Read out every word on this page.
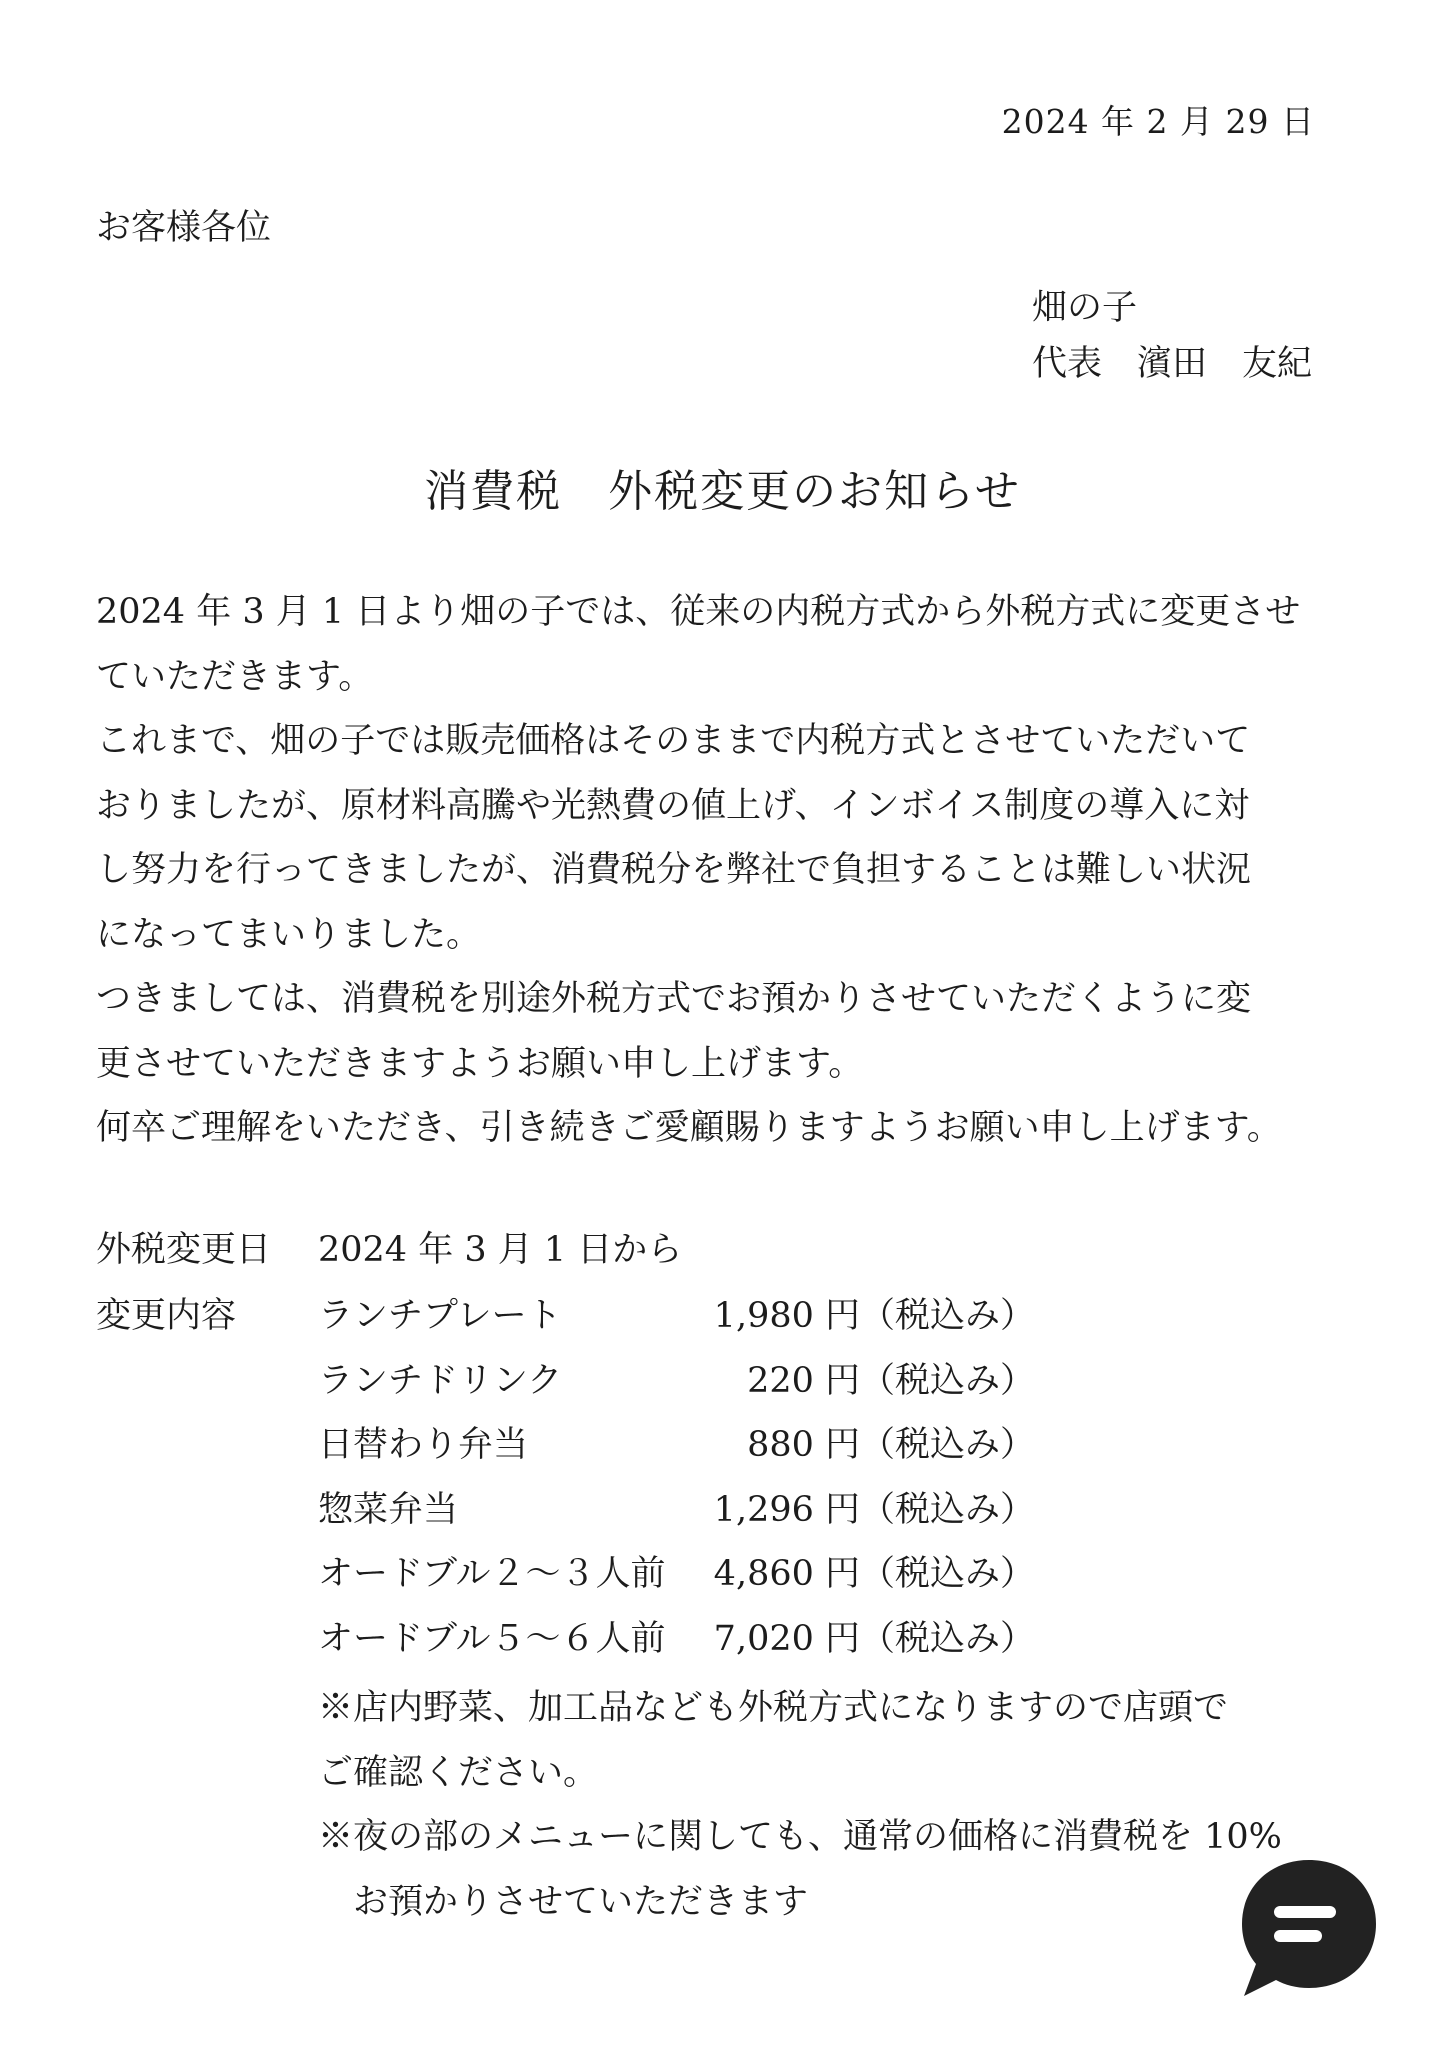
2024 年 2 月 29 日
お客様各位
畑の子
代表　濱田　友紀
消費税　外税変更のお知らせ

2024 年 3 月 1 日より畑の子では、従来の内税方式から外税方式に変更させ

ていただきます。

これまで、畑の子では販売価格はそのままで内税方式とさせていただいて

おりましたが、原材料高騰や光熱費の値上げ、インボイス制度の導入に対

し努力を行ってきましたが、消費税分を弊社で負担することは難しい状況

になってまいりました。

つきましては、消費税を別途外税方式でお預かりさせていただくように変

更させていただきますようお願い申し上げます。

何卒ご理解をいただき、引き続きご愛顧賜りますようお願い申し上げます。

外税変更日 2024 年 3 月 1 日から
変更内容 ランチプレート	1,980 円 （税込み）
ランチドリンク	220 円 （税込み）
日替わり弁当	880 円 （税込み）
惣菜弁当	1,296 円 （税込み）
オードブル２～３人前	4,860 円 （税込み）
オードブル５～６人前	7,020 円 （税込み）

※店内野菜、加工品なども外税方式になりますので店頭で

ご確認ください。

※夜の部のメニューに関しても、通常の価格に消費税を 10%

　お預かりさせていただきます
